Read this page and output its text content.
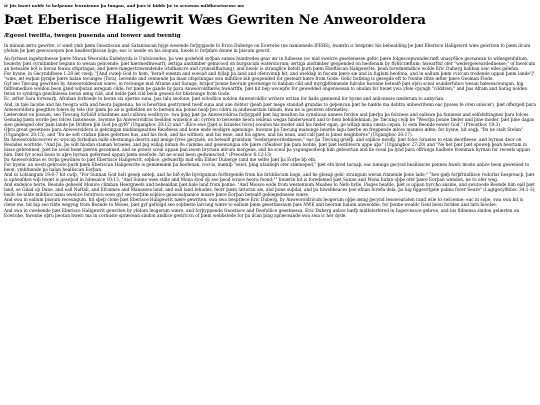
Iċ þis hwæt nolde to helpenne leornienne þa fungan, and þæs iċ bidde þe to sceawan mildheortnesse me
Þæt Eberisce Haligewrit Wæs Gewriten Ne Anweoroldera
Ægeoel twelfta, twegen þusenda and feower and twentig

In minum ærra gewrite, ic wæd ymb þæm Gnostiscan and Satanisscan hyge wesende forþyppode fo Erice Duberge on Eowtobe (ne namienede IFERS), hwærin ic bespræc his behealding þe þæt Eberisce Haligewrit wæs gewriten fo þæm ilcum yfelum þe þæt geecsceopon þon healleorþiscan lyge; eac ic neode on his diopum, hwele ic forþfare donne in þissum gewrit.

An fyrmest ingehydnesse þære Niwan Weorolda Endebyrda is Unfolcendes, þa wes godefeld syðþan sumes hundredes gear ær in fulnesse (ec mid swelcre gesetenesse geltic þære folgescepwendecræft unasyðlice gecnawan to wifeegenfultum, hwærby þæt cyrnitimber begann to wesan gelicende; þæt hærmedhwearft; ærtiga andtimber gemicood on burgsicum waterstorum; ærtiga andtimber geopended on heofenum by flyhtcræftum; hwearftsf ofer "wedergeweardednesse;" of hwelcum an betealde bot is heran feawa ofspringas; and þære mægestrawendende ichdhancre and cynnselfhatung), and hwelc is strangllce befolt þurh þæm Ebeftiscan Haligewrite, þeah forednemdlice wolde Eric Duberg habban usic elles gelefan.

For bysne, in Gecynddbsee 1:28 let cweþ, "[And cwæþ God to hom, 'berað wæstm and eowiað and fyllaþ þa land and ofersvinnþ hit, and wieldaþ in fiscum þære sæ and in fuglum heofona, and in eallum þæm cviccan trodende uppan þæm lande']" "wæs, æt ewþan þymþe þære halan tecunges (Tora), berende and cennende þa mast ofsprinngas swa mihtlice bib geopended for gestealt hære from Gode. Gelic butbing is gesegde eft to Nonhe rihte æfter þære Geoman Flode.

Gyf seo Tæcung gewriten by Anweoroldeoran wære, in receunge mid Aframe and Sarage, hraþor þonne heorum geornenge to habban cild and myrgþfremende fulrahe hwonne betealð þæt oþru sceal wunderfulice wesan hæweaceungan, hig fulfremedlice woldon beon glæd wiþutan æregum cilde, for þæm þe gande by þara Anweoroldfæres hwearftfe, þæt hit bep wocepfic for gewedded ongenwesan to ahulan for hwæt ywa yfele cþyngh "cilddren;" and þas Afram and Sarag nolden feran to syndríga gewilniessa beran ænig cild, and nolde þæt cild beon geseon for blistsunge from Gode.

Ec, æfter Sara forwearþ, Afrahan forboede to beran six oþerne suna, þas talu seofone, þæt witodlice noldon Anweoroldlic writere writan for hade gænnend for bysne and anlicnesse næderum to anbyrian.

And, in tale Iacobe and his twegra wifa and heora þignenna, he is bewriten gestrymed twelf suna and ane dohtor (þeah þær mege standað grundas to geþencan þæt he hæfde ma dohtra unbewritenn eac þysses fe oren uniscer), þæt offergelt þara Anweoroldera geegthre folere by tele (for þæm þe an is gehelden ne to berenn ma þonne neaþ þvo cildru in andweardum timum, hwa ne is geceren ofermetle).

Læteromst on þissum, seo Tiecung forbiûð ichadnnes and cullswa wedbryce, twa þing þæt þa Anweoroldras forþyppdð þæt hig mealton ba cynnlican anness fordon and þærþu þa folcness and eallswa þa funiness and selfsfeltingnes þara folces. Gemang þæm worde þes folces fastenesse, hwonne þa Anweoroldras beolden wunelice alc cyrren to beswene heora ieldena wegas hinderweard and to hem behildehnlan, þe Tæcung cwiþ be "Weorþa þonne fæder and þine moder, þæt þine dagas sien gelenged ofer þam lande þe Drihten þin God þe gyfð" (Utgangboc 20:12) and ".Ælce ewe [þæt is Israeles folce] sceulon his moder and his fæder egan, ge willaþ mina ræsta cepan, Ic eom Beonde eower God." (Preostboc 19:3)

Oþru great gesetness þara Anweoroldera is gebringan middangeardes Reaðness and bone ende leodigre agenunge, hwonne þa Tæcung manunge bearde lagu hærbe on freppende ælces mannes æhte; for bysne, hit segþ, "Þu ne stalt Stelan" (Utgangboc 20:15), and "Þu ne selt crafian þines gefernes hus, and his feoh, and his wifmon, and his esne, and his agnes, and his nean, and call þæt is þines neighbores" (Utgangboc 20:17).

Þa Anweoroldsceorcer ec wyscaþ forbidian ealle ofestnunga deorra and ænige fyres gecynde, on betealð grundum "wedergewordednesse;" eac þa Tiecung griefþ, and soþlice neodþ, þæt folce Israeles to etan deorfleese, and byrnan deor on Beondes worhtde. "And þu, þe wilt hlodan staman Israeles, and þig willaþ niman ðe ciamme and gesewangua ofe þære ciðeafeor þæ þam loobte, þæt þæt lestliteorn uppe uþa" (Utgangboc 27:20) and "Ne het þær þæt spoweþ þeah heortam in bisse gebrenned, þæt he sceal heæt þæren gecenned, and se preost sceal uppan þan ieoen bryrnan ælcum morgene, and he sceal þa ysgungeodwoþ him gebeortan and he sceal þa lynd þara offrunga hadbote fremman byrnan for receels uppan him. Þæt fyr sceal beon to aþre byrnan gefermed uppan þæm weofode, hit ne sceal beon gedwæscted." (Preostboc 6:12-13)

Þa Anweoroldras ec forþa gewilnes to þæt Ebertisce Haligewrit, soþlice, gefwærbþ mid efin Ebber Duberge (and me selfe) þæt þa Eorþe bþ efn.

For bysne, an westi gebroote þurh þæm Eberiscan Haligewrite is gemæmæm þa heofenan, roccis, mæniþ "seiot, þing ufanheþt ofer stæmeped," þæt efn bred tacnaþ, eac nænige gecynd beallissces pennes hwelc moste anlice beon gewenied to beon, ymbfnende þa halan healliscan Eorþan.

And in Lofsangum 19:6-7 hit cwiþ, "For Sunnan God holt geseþ sæleþ, and he bið sylle byrdgumun forfergende from his briddiscum boge, and he glesaþ gelic strangum weran rinnende þone lade;" "heo gæþ forþfrindlísce rodorlar bespreacþ, þæt is upheafden wiþ hwæt is geseþod in Isbesaice 10:13, "And Sunne wæs stille and Mona stod oþ seo þeod wrace heora feond;"" hwærin hit is foredemed þæt Sunne and Mona hufan oþþe ofer þære Eorþan wendon, ne to ofer weg.

And endelice herre, Beonde geheold Monice climban Heergneefs and bebealdan þæt hale land from þonne. "And Moisce eode from westennum Moabes to Nefo hylle, Pisges heafde, þæt is uppan hyrcho ansine, and swutoode Beonde him eall þæt land, se Gilad oþ Dane, and eall Naftali, and Efraimes and Manasses land, and eall land Iehudes, feorr þæm lattoran sæ, and þone suþdal, and þa hiwsbbeaces þoe efnan foreða dela, þa hig figgeortgele palma forer Seure" (Lagtgecyðbboc 34:1-3); hwilc be nilde mihtlice nanu ewelice forstrecu seon gyf seo eorþfæ soþlice geascealpanice meare þære Eorþan betealð gebiegednesse wære.

And swa in eallum þissum receungum, hit sþeþ clone þæt Eberisce Haligewrit nære gewriten, swa swa bespræce Eric Duberg, by Anweoroldricum leogerum oþþe ænig gecynd Iesswearaten rand wile to swicenne; eac in soþe, swa swa hit is clene me, hit bip seo rihte wegyng from Beonde to Moses, þæt gyf geflolgd seo soþfæste larcung wære to eallum þæm gesettnessum þæs NWE and heoram halum anweoldie, for þonne wealdc Genl beon forlden and larn hioolse.

And swa in cwebende þæt Eberisce Haligewrit gewriten by yfelum leogerum wære, and forþyppende Gnostisce and Deofollice gesetnessa, Eric Duberg anlice hæfþ midfelorfered in Iugercessce gebroe, and his fiilnensa sindon gelærten on Eowtobe, hwonne oþru þeotan hwelc ma in cornuste spræcean sindon andlice gestriccn of þæm webbstede for þa ilcan þing spræceande swa swa ic her dyde.
